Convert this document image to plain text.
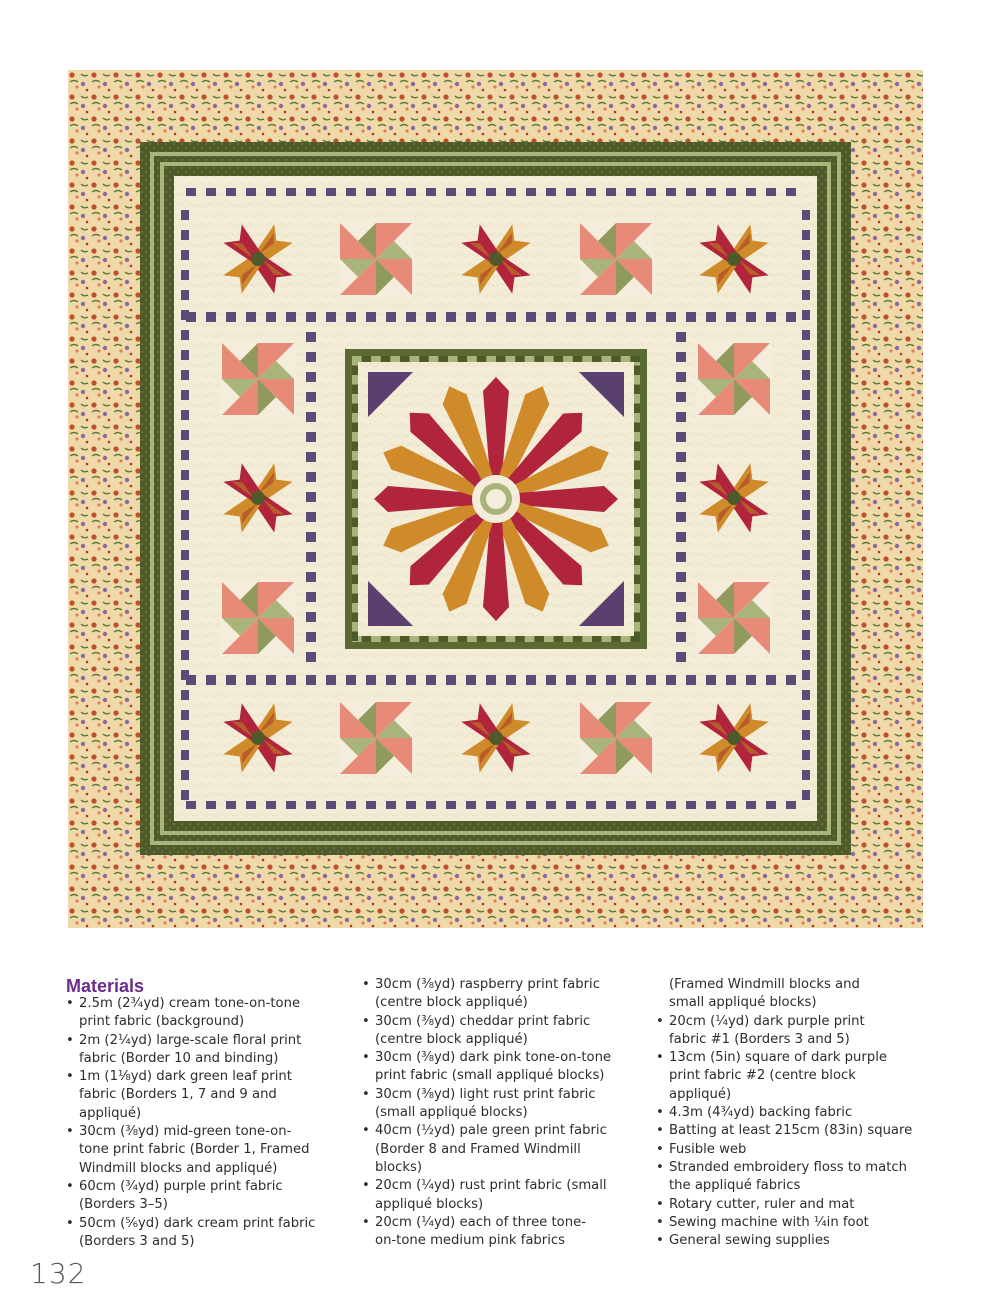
Materials
• 2.5m (2¾yd) cream tone-on-tone
print fabric (background)
• 2m (2¼yd) large-scale floral print
fabric (Border 10 and binding)
• 1m (1⅛yd) dark green leaf print
fabric (Borders 1, 7 and 9 and
appliqué)
• 30cm (⅜yd) mid-green tone-on-
tone print fabric (Border 1, Framed
Windmill blocks and appliqué)
• 60cm (¾yd) purple print fabric
(Borders 3–5)
• 50cm (⅚yd) dark cream print fabric
(Borders 3 and 5)
• 30cm (⅜yd) raspberry print fabric
(centre block appliqué)
• 30cm (⅜yd) cheddar print fabric
(centre block appliqué)
• 30cm (⅜yd) dark pink tone-on-tone
print fabric (small appliqué blocks)
• 30cm (⅜yd) light rust print fabric
(small appliqué blocks)
• 40cm (½yd) pale green print fabric
(Border 8 and Framed Windmill
blocks)
• 20cm (¼yd) rust print fabric (small
appliqué blocks)
• 20cm (¼yd) each of three tone-
on-tone medium pink fabrics
(Framed Windmill blocks and
small appliqué blocks)
• 20cm (¼yd) dark purple print
fabric #1 (Borders 3 and 5)
• 13cm (5in) square of dark purple
print fabric #2 (centre block
appliqué)
• 4.3m (4¾yd) backing fabric
• Batting at least 215cm (83in) square
• Fusible web
• Stranded embroidery floss to match
the appliqué fabrics
• Rotary cutter, ruler and mat
• Sewing machine with ¼in foot
• General sewing supplies

132
